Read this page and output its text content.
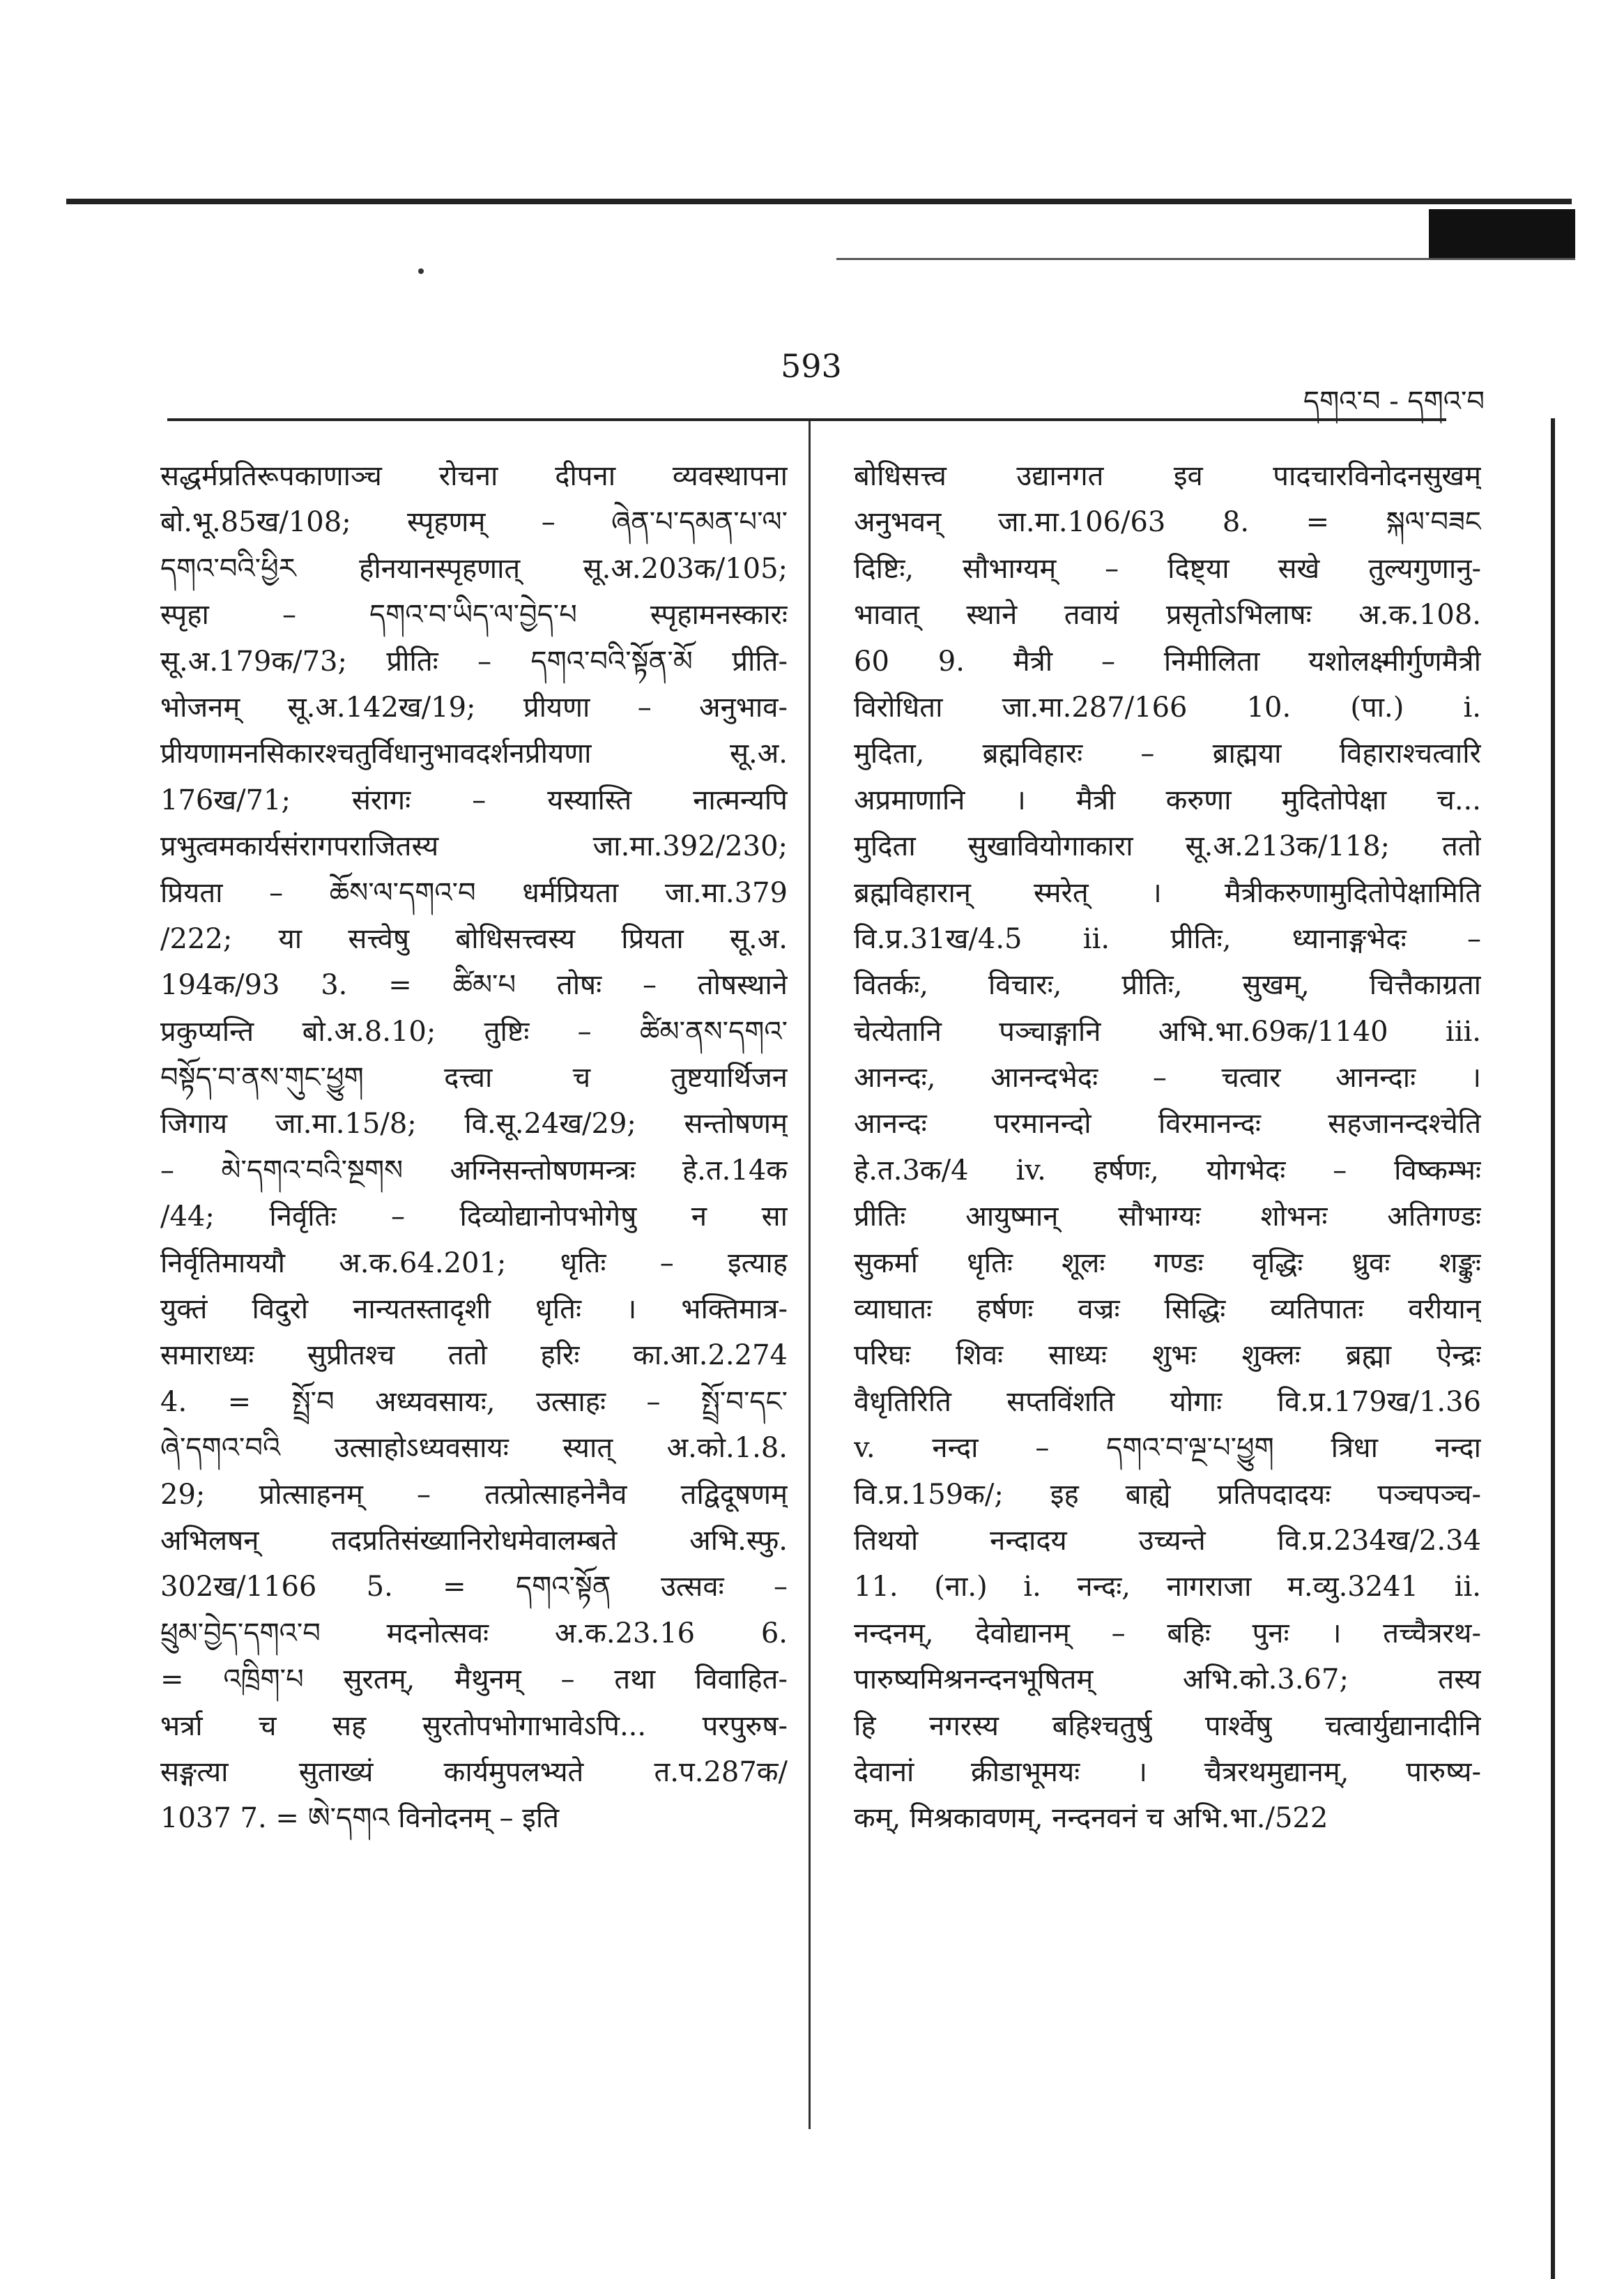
593
དགའ་བ - དགའ་བ
सद्धर्मप्रतिरूपकाणाञ्च रोचना दीपना व्यवस्थापना
बो.भू.85ख/108; स्पृहणम् – ཞེན་པ་དམན་པ་ལ་
དགའ་བའི་ཕྱིར हीनयानस्पृहणात् सू.अ.203क/105;
स्पृहा – དགའ་བ་ཡིད་ལ་བྱེད་པ स्पृहामनस्कारः
सू.अ.179क/73; प्रीतिः – དགའ་བའི་སྟོན་མོ प्रीति-
भोजनम् सू.अ.142ख/19; प्रीयणा – अनुभाव-
प्रीयणामनसिकारश्चतुर्विधानुभावदर्शनप्रीयणा सू.अ.
176ख/71; संरागः – यस्यास्ति नात्मन्यपि
प्रभुत्वमकार्यसंरागपराजितस्य जा.मा.392/230;
प्रियता – ཆོས་ལ་དགའ་བ धर्मप्रियता जा.मा.379
/222; या सत्त्वेषु बोधिसत्त्वस्य प्रियता सू.अ.
194क/93 3. = ཚིམ་པ तोषः – तोषस्थाने
प्रकुप्यन्ति बो.अ.8.10; तुष्टिः – ཚིམ་ནས་དགའ་
བསྟོད་བ་ནས་གུང་ཕྱུག दत्त्वा च तुष्टयार्थिजन
जिगाय जा.मा.15/8; वि.सू.24ख/29; सन्तोषणम्
– མེ་དགའ་བའི་སྔགས अग्निसन्तोषणमन्त्रः हे.त.14क
/44; निर्वृतिः – दिव्योद्यानोपभोगेषु न सा
निर्वृतिमाययौ अ.क.64.201; धृतिः – इत्याह
युक्तं विदुरो नान्यतस्तादृशी धृतिः । भक्तिमात्र-
समाराध्यः सुप्रीतश्च ततो हरिः का.आ.2.274
4. = སྤྲོ་བ अध्यवसायः, उत्साहः – སྤྲོ་བ་དང་
ཞེ་དགའ་བའི उत्साहोऽध्यवसायः स्यात् अ.को.1.8.
29; प्रोत्साहनम् – तत्प्रोत्साहनेनैव तद्विदूषणम्
अभिलषन् तदप्रतिसंख्यानिरोधमेवालम्बते अभि.स्फु.
302ख/1166 5. = དགའ་སྟོན उत्सवः –
ཕྲུམ་བྱེད་དགའ་བ मदनोत्सवः अ.क.23.16 6.
= འཁྲིག་པ सुरतम्, मैथुनम् – तथा विवाहित-
भर्त्रा च सह सुरतोपभोगाभावेऽपि... परपुरुष-
सङ्गत्या सुताख्यं कार्यमुपलभ्यते त.प.287क/
1037 7. = ཨེ་དགའ विनोदनम् – इति
बोधिसत्त्व उद्यानगत इव पादचारविनोदनसुखम्
अनुभवन् जा.मा.106/63 8. = སྐལ་བཟང
दिष्टिः, सौभाग्यम् – दिष्ट्या सखे तुल्यगुणानु-
भावात् स्थाने तवायं प्रसृतोऽभिलाषः अ.क.108.
60 9. मैत्री – निमीलिता यशोलक्ष्मीर्गुणमैत्री
विरोधिता जा.मा.287/166 10. (पा.) i.
मुदिता, ब्रह्मविहारः – ब्राह्मया विहाराश्चत्वारि
अप्रमाणानि । मैत्री करुणा मुदितोपेक्षा च...
मुदिता सुखावियोगाकारा सू.अ.213क/118; ततो
ब्रह्मविहारान् स्मरेत् । मैत्रीकरुणामुदितोपेक्षामिति
वि.प्र.31ख/4.5 ii. प्रीतिः, ध्यानाङ्गभेदः –
वितर्कः, विचारः, प्रीतिः, सुखम्, चित्तैकाग्रता
चेत्येतानि पञ्चाङ्गानि अभि.भा.69क/1140 iii.
आनन्दः, आनन्दभेदः – चत्वार आनन्दाः ।
आनन्दः परमानन्दो विरमानन्दः सहजानन्दश्चेति
हे.त.3क/4 iv. हर्षणः, योगभेदः – विष्कम्भः
प्रीतिः आयुष्मान् सौभाग्यः शोभनः अतिगण्डः
सुकर्मा धृतिः शूलः गण्डः वृद्धिः ध्रुवः शङ्कुः
व्याघातः हर्षणः वज्रः सिद्धिः व्यतिपातः वरीयान्
परिघः शिवः साध्यः शुभः शुक्लः ब्रह्मा ऐन्द्रः
वैधृतिरिति सप्तविंशति योगाः वि.प्र.179ख/1.36
v. नन्दा – དགའ་བ་ལྔ་པ་ཕྱུག त्रिधा नन्दा
वि.प्र.159क/; इह बाह्ये प्रतिपदादयः पञ्चपञ्च-
तिथयो नन्दादय उच्यन्ते वि.प्र.234ख/2.34
11. (ना.) i. नन्दः, नागराजा म.व्यु.3241 ii.
नन्दनम्, देवोद्यानम् – बहिः पुनः । तच्चैत्ररथ-
पारुष्यमिश्रनन्दनभूषितम् अभि.को.3.67; तस्य
हि नगरस्य बहिश्चतुर्षु पार्श्वेषु चत्वार्युद्यानादीनि
देवानां क्रीडाभूमयः । चैत्ररथमुद्यानम्, पारुष्य-
कम्, मिश्रकावणम्, नन्दनवनं च अभि.भा./522
